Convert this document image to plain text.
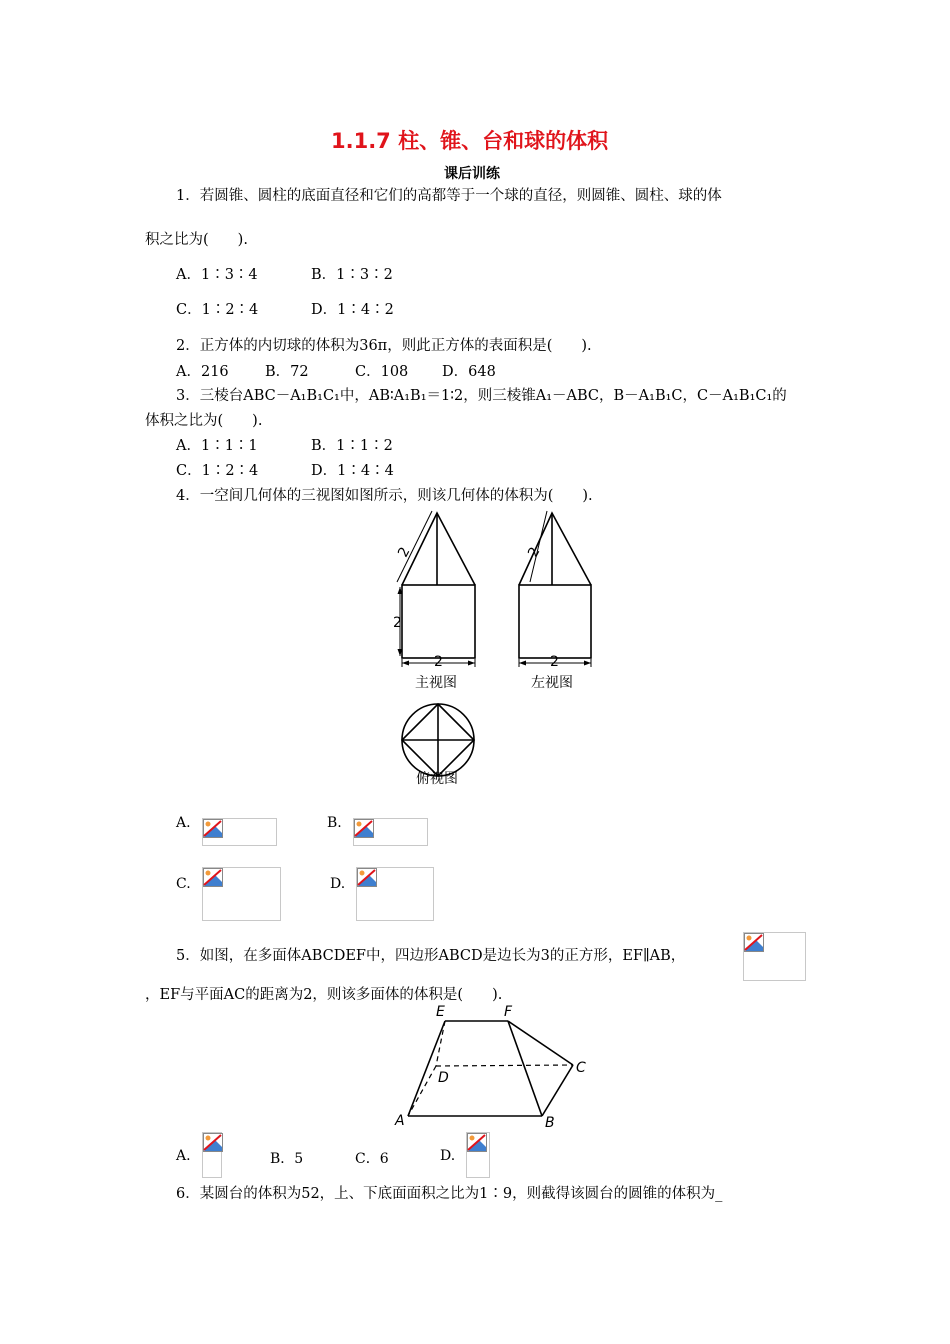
1.1.7 柱、锥、台和球的体积
课后训练
1．若圆锥、圆柱的底面直径和它们的高都等于一个球的直径，则圆锥、圆柱、球的体
积之比为(　　).
A．1∶3∶4	B．1∶3∶2
C．1∶2∶4	D．1∶4∶2
2．正方体的内切球的体积为36π，则此正方体的表面积是(　　).
A．216	B．72	C．108 D．648
3．三棱台ABC－A₁B₁C₁中，AB∶A₁B₁＝1∶2，则三棱锥A₁－ABC，B－A₁B₁C，C－A₁B₁C₁的
体积之比为(　　).
A．1∶1∶1	B．1∶1∶2
C．1∶2∶4	D．1∶4∶4
4．一空间几何体的三视图如图所示，则该几何体的体积为(　　).
2	2
2
2	2
主视图	左视图
俯视图
A.	B.
C.	D.
5．如图，在多面体ABCDEF中，四边形ABCD是边长为3的正方形，EF∥AB，
，EF与平面AC的距离为2，则该多面体的体积是(　　).
E	F
C
D
A	B
A.	B．5	C．6	D.
6．某圆台的体积为52，上、下底面面积之比为1∶9，则截得该圆台的圆锥的体积为_
